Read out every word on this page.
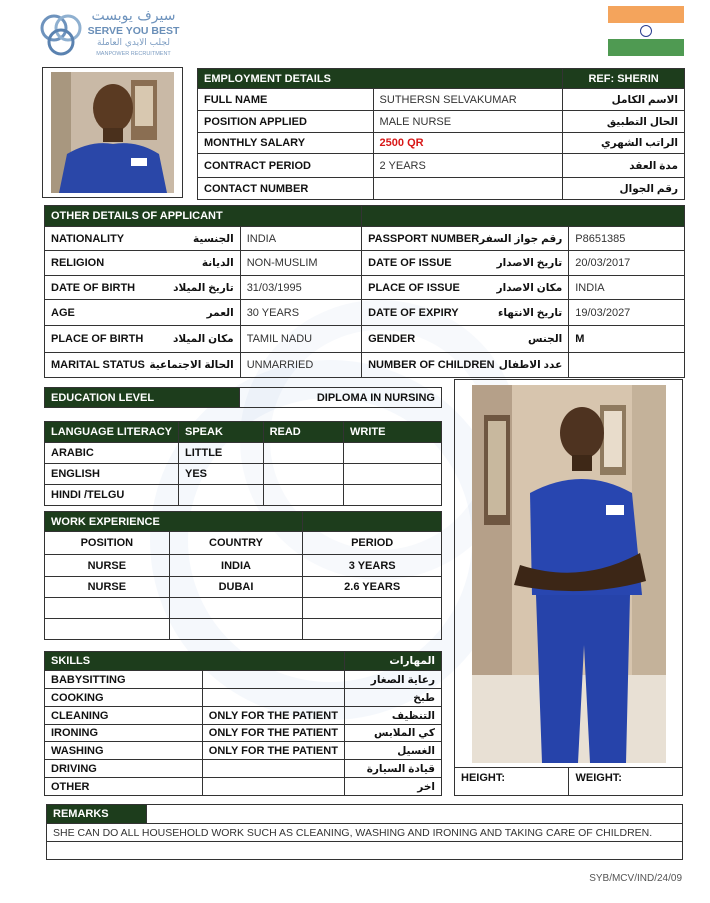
سيرف يوبست
SERVE YOU BEST
لجلب الايدي العاملة
MANPOWER RECRUITMENT
EMPLOYMENT DETAILS		REF: SHERIN
FULL NAME	SUTHERSN SELVAKUMAR	الاسم الكامل
POSITION APPLIED	MALE NURSE	الحال التطبيق
MONTHLY SALARY	2500 QR	الراتب الشهري
CONTRACT PERIOD	2 YEARS	مدة العقد
CONTACT NUMBER		رقم الجوال
OTHER DETAILS OF APPLICANT			

NATIONALITY الجنسية	INDIA	PASSPORT NUMBER رقم جواز السفر	P8651385

RELIGION الديانة	NON-MUSLIM	DATE OF ISSUE تاريخ الاصدار	20/03/2017

DATE OF BIRTH تاريخ الميلاد	31/03/1995	PLACE OF ISSUE مكان الاصدار	INDIA

AGE العمر	30 YEARS	DATE OF EXPIRY تاريخ الانتهاء	19/03/2027

PLACE OF BIRTH مكان الميلاد	TAMIL NADU	GENDER الجنس	M

MARITAL STATUS الحالة الاجتماعية	UNMARRIED	NUMBER OF CHILDREN عدد الاطفال	

EDUCATION LEVEL	DIPLOMA IN NURSING
LANGUAGE LITERACY	SPEAK	READ	WRITE
ARABIC	LITTLE		
ENGLISH	YES		
HINDI /TELGU			
WORK EXPERIENCE		
POSITION	COUNTRY	PERIOD
NURSE	INDIA	3 YEARS
NURSE	DUBAI	2.6 YEARS

SKILLS		المهارات
BABYSITTING		رعاية الصغار
COOKING		طبخ
CLEANING	ONLY FOR THE PATIENT	التنظيف
IRONING	ONLY FOR THE PATIENT	كي الملابس
WASHING	ONLY FOR THE PATIENT	الغسيل
DRIVING		قيادة السيارة
OTHER		اخر
HEIGHT:	WEIGHT:
REMARKS	
SHE CAN DO ALL HOUSEHOLD WORK SUCH AS CLEANING, WASHING AND IRONING AND TAKING CARE OF CHILDREN.

SYB/MCV/IND/24/09
